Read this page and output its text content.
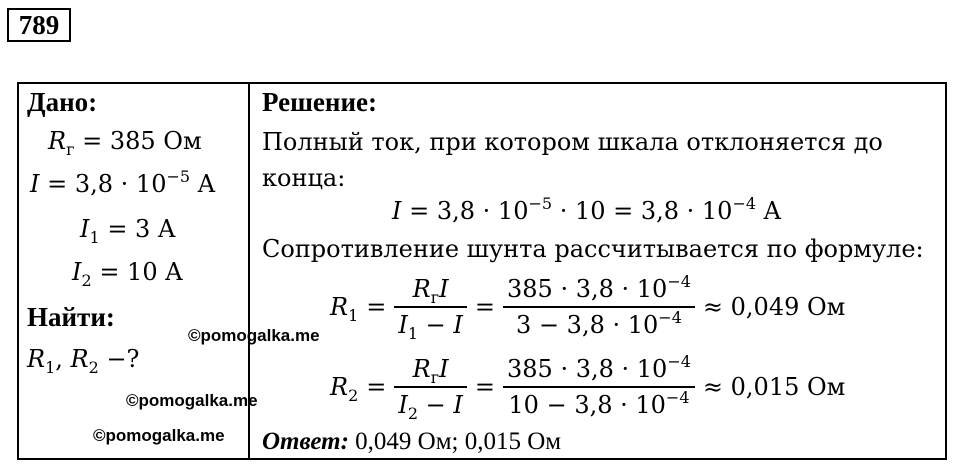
789
Дано:
$R_г = 385$ Ом
$I = 3,8 \cdot 10^{-5}$ A
$I_1 = 3$ A
$I_2 = 10$ A
Найти:
$R_1$, $R_2$ −?
Решение:
Полный ток, при котором шкала отклоняется до
конца:
$I = 3,8 \cdot 10^{-5} \cdot 10 = 3,8 \cdot 10^{-4}$ A
Сопротивление шунта рассчитывается по формуле:
$R_1 = \frac{R_гI}{I_1 - I} = \frac{385 \cdot 3,8 \cdot 10^{-4}}{3 - 3,8 \cdot 10^{-4}} \approx 0,049$ Ом
$R_2 = \frac{R_гI}{I_2 - I} = \frac{385 \cdot 3,8 \cdot 10^{-4}}{10 - 3,8 \cdot 10^{-4}} \approx 0,015$ Ом
Ответ: 0,049 Ом; 0,015 Ом
©pomogalka.me
©pomogalka.me
©pomogalka.me
